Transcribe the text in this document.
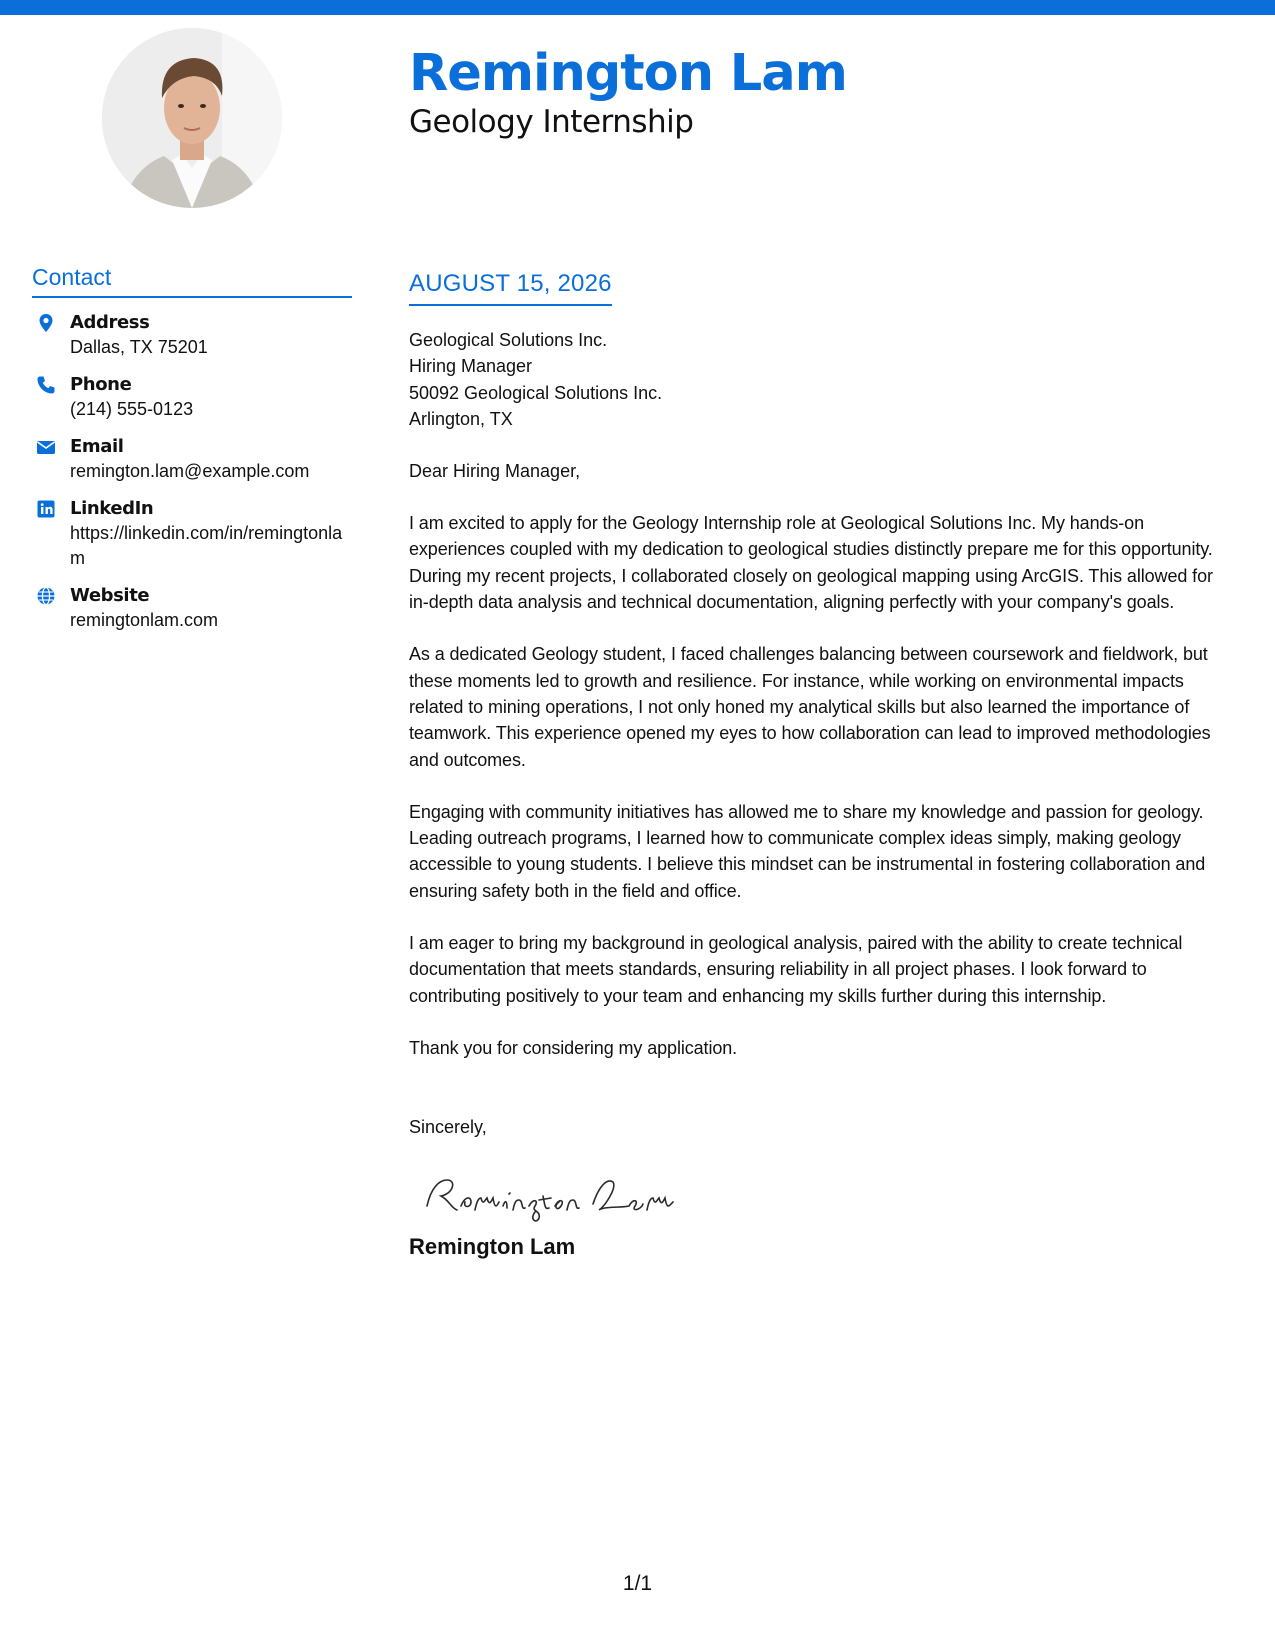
Remington Lam
Geology Internship
Contact
Address
Dallas, TX 75201
Phone
(214) 555-0123
Email
remington.lam@example.com
LinkedIn
https://linkedin.com/in/remingtonlam
Website
remingtonlam.com
AUGUST 15, 2026
Geological Solutions Inc.
Hiring Manager
50092 Geological Solutions Inc.
Arlington, TX
Dear Hiring Manager,
I am excited to apply for the Geology Internship role at Geological Solutions Inc. My hands-on experiences coupled with my dedication to geological studies distinctly prepare me for this opportunity. During my recent projects, I collaborated closely on geological mapping using ArcGIS. This allowed for in-depth data analysis and technical documentation, aligning perfectly with your company's goals.
As a dedicated Geology student, I faced challenges balancing between coursework and fieldwork, but these moments led to growth and resilience. For instance, while working on environmental impacts related to mining operations, I not only honed my analytical skills but also learned the importance of teamwork. This experience opened my eyes to how collaboration can lead to improved methodologies and outcomes.
Engaging with community initiatives has allowed me to share my knowledge and passion for geology. Leading outreach programs, I learned how to communicate complex ideas simply, making geology accessible to young students. I believe this mindset can be instrumental in fostering collaboration and ensuring safety both in the field and office.
I am eager to bring my background in geological analysis, paired with the ability to create technical documentation that meets standards, ensuring reliability in all project phases. I look forward to contributing positively to your team and enhancing my skills further during this internship.
Thank you for considering my application.
Sincerely,
Remington Lam
1/1
